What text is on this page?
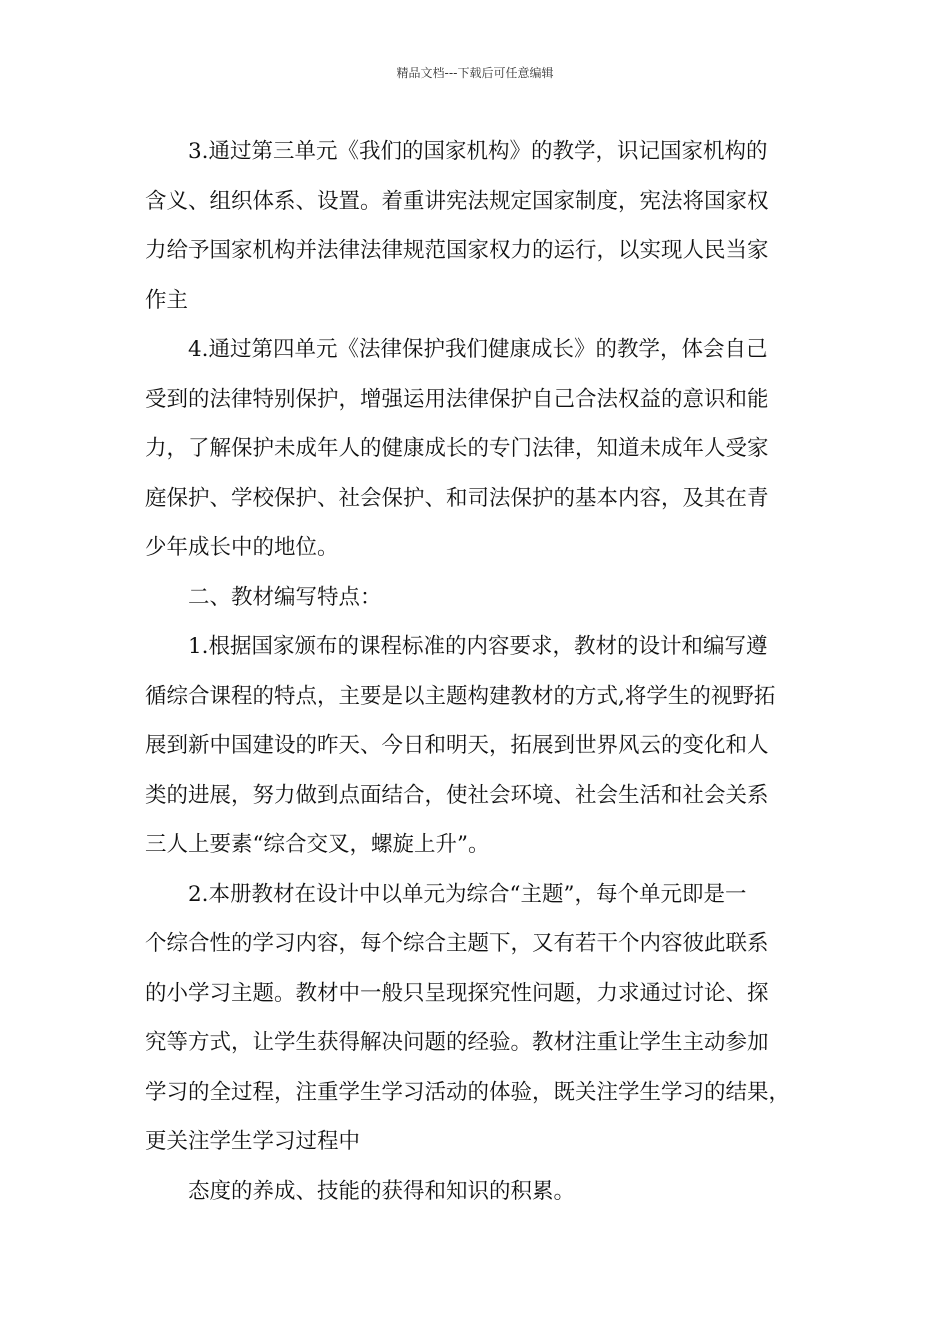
精品文档---下载后可任意编辑

3.通过第三单元《我们的国家机构》的教学，识记国家机构的
含义、组织体系、设置。着重讲宪法规定国家制度，宪法将国家权
力给予国家机构并法律法律规范国家权力的运行，以实现人民当家
作主

4.通过第四单元《法律保护我们健康成长》的教学，体会自己
受到的法律特别保护，增强运用法律保护自己合法权益的意识和能
力，了解保护未成年人的健康成长的专门法律，知道未成年人受家
庭保护、学校保护、社会保护、和司法保护的基本内容，及其在青
少年成长中的地位。

二、教材编写特点：

1.根据国家颁布的课程标准的内容要求，教材的设计和编写遵
循综合课程的特点，主要是以主题构建教材的方式,将学生的视野拓
展到新中国建设的昨天、今日和明天，拓展到世界风云的变化和人
类的进展，努力做到点面结合，使社会环境、社会生活和社会关系
三人上要素“综合交叉，螺旋上升”。

2.本册教材在设计中以单元为综合“主题”，每个单元即是一
个综合性的学习内容，每个综合主题下，又有若干个内容彼此联系
的小学习主题。教材中一般只呈现探究性问题，力求通过讨论、探
究等方式，让学生获得解决问题的经验。教材注重让学生主动参加
学习的全过程，注重学生学习活动的体验，既关注学生学习的结果，
更关注学生学习过程中

态度的养成、技能的获得和知识的积累。
